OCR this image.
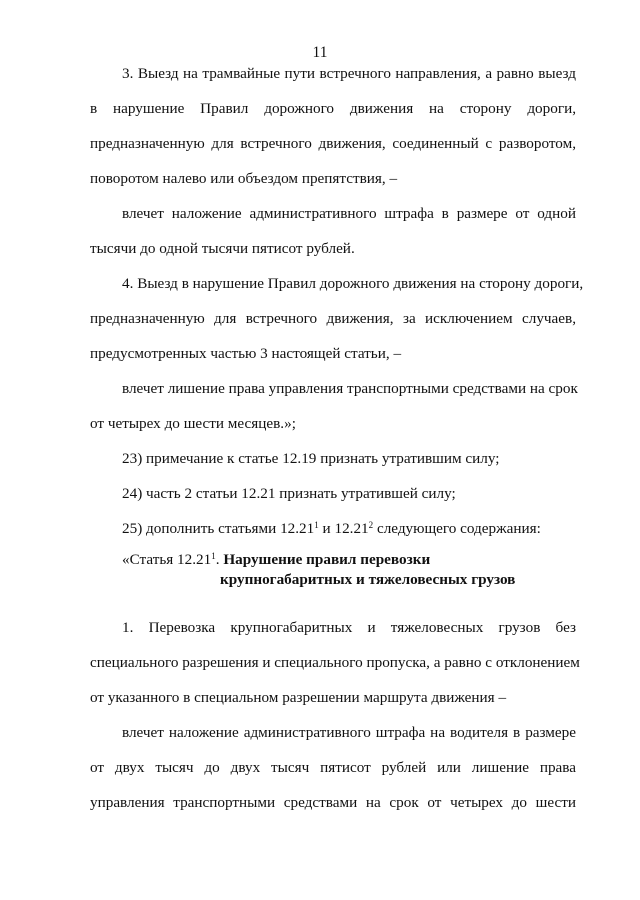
11
3. Выезд на трамвайные пути встречного направления, а равно выезд
в нарушение Правил дорожного движения на сторону дороги,
предназначенную для встречного движения, соединенный с разворотом,
поворотом налево или объездом препятствия, –
влечет наложение административного штрафа в размере от одной
тысячи до одной тысячи пятисот рублей.
4. Выезд в нарушение Правил дорожного движения на сторону дороги,
предназначенную для встречного движения, за исключением случаев,
предусмотренных частью 3 настоящей статьи, –
влечет лишение права управления транспортными средствами на срок
от четырех до шести месяцев.»;
23) примечание к статье 12.19 признать утратившим силу;
24) часть 2 статьи 12.21 признать утратившей силу;
25) дополнить статьями 12.21$^1$ и 12.21$^2$ следующего содержания:
«Статья 12.21$^1$. Нарушение правил перевозки
крупногабаритных и тяжеловесных грузов
1. Перевозка крупногабаритных и тяжеловесных грузов без
специального разрешения и специального пропуска, а равно с отклонением
от указанного в специальном разрешении маршрута движения –
влечет наложение административного штрафа на водителя в размере
от двух тысяч до двух тысяч пятисот рублей или лишение права
управления транспортными средствами на срок от четырех до шести
